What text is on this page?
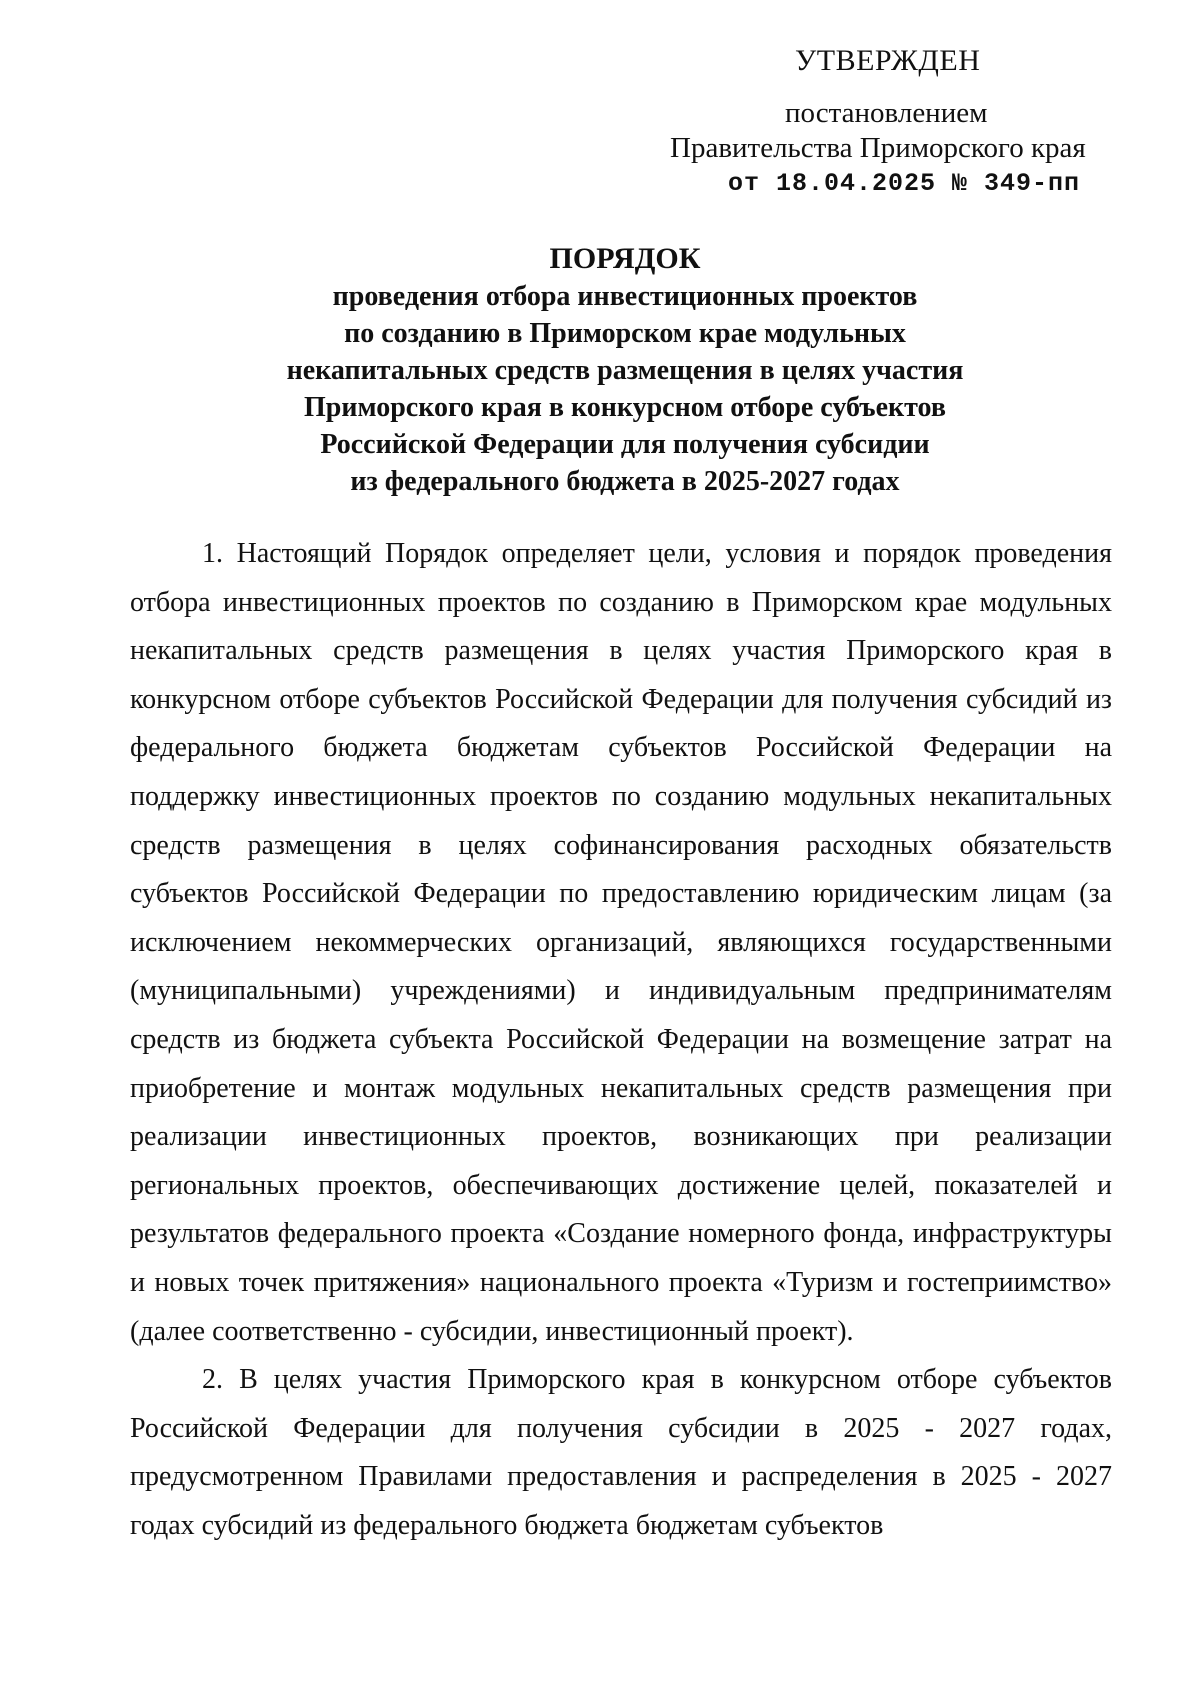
УТВЕРЖДЕН
постановлением
Правительства Приморского края
от 18.04.2025 № 349-пп
ПОРЯДОК
проведения отбора инвестиционных проектов
по созданию в Приморском крае модульных
некапитальных средств размещения в целях участия
Приморского края в конкурсном отборе субъектов
Российской Федерации для получения субсидии
из федерального бюджета в 2025-2027 годах

1. Настоящий Порядок определяет цели, условия и порядок проведения отбора инвестиционных проектов по созданию в Приморском крае модульных некапитальных средств размещения в целях участия Приморского края в конкурсном отборе субъектов Российской Федерации для получения субсидий из федерального бюджета бюджетам субъектов Российской Федерации на поддержку инвестиционных проектов по созданию модульных некапитальных средств размещения в целях софинансирования расходных обязательств субъектов Российской Федерации по предоставлению юридическим лицам (за исключением некоммерческих организаций, являющихся государственными (муниципальными) учреждениями) и индивидуальным предпринимателям средств из бюджета субъекта Российской Федерации на возмещение затрат на приобретение и монтаж модульных некапитальных средств размещения при реализации инвестиционных проектов, возникающих при реализации региональных проектов, обеспечивающих достижение целей, показателей и результатов федерального проекта «Создание номерного фонда, инфраструктуры и новых точек притяжения» национального проекта «Туризм и гостеприимство» (далее соответственно - субсидии, инвестиционный проект).

2. В целях участия Приморского края в конкурсном отборе субъектов Российской Федерации для получения субсидии в 2025 - 2027 годах, предусмотренном Правилами предоставления и распределения в 2025 - 2027 годах субсидий из федерального бюджета бюджетам субъектов
